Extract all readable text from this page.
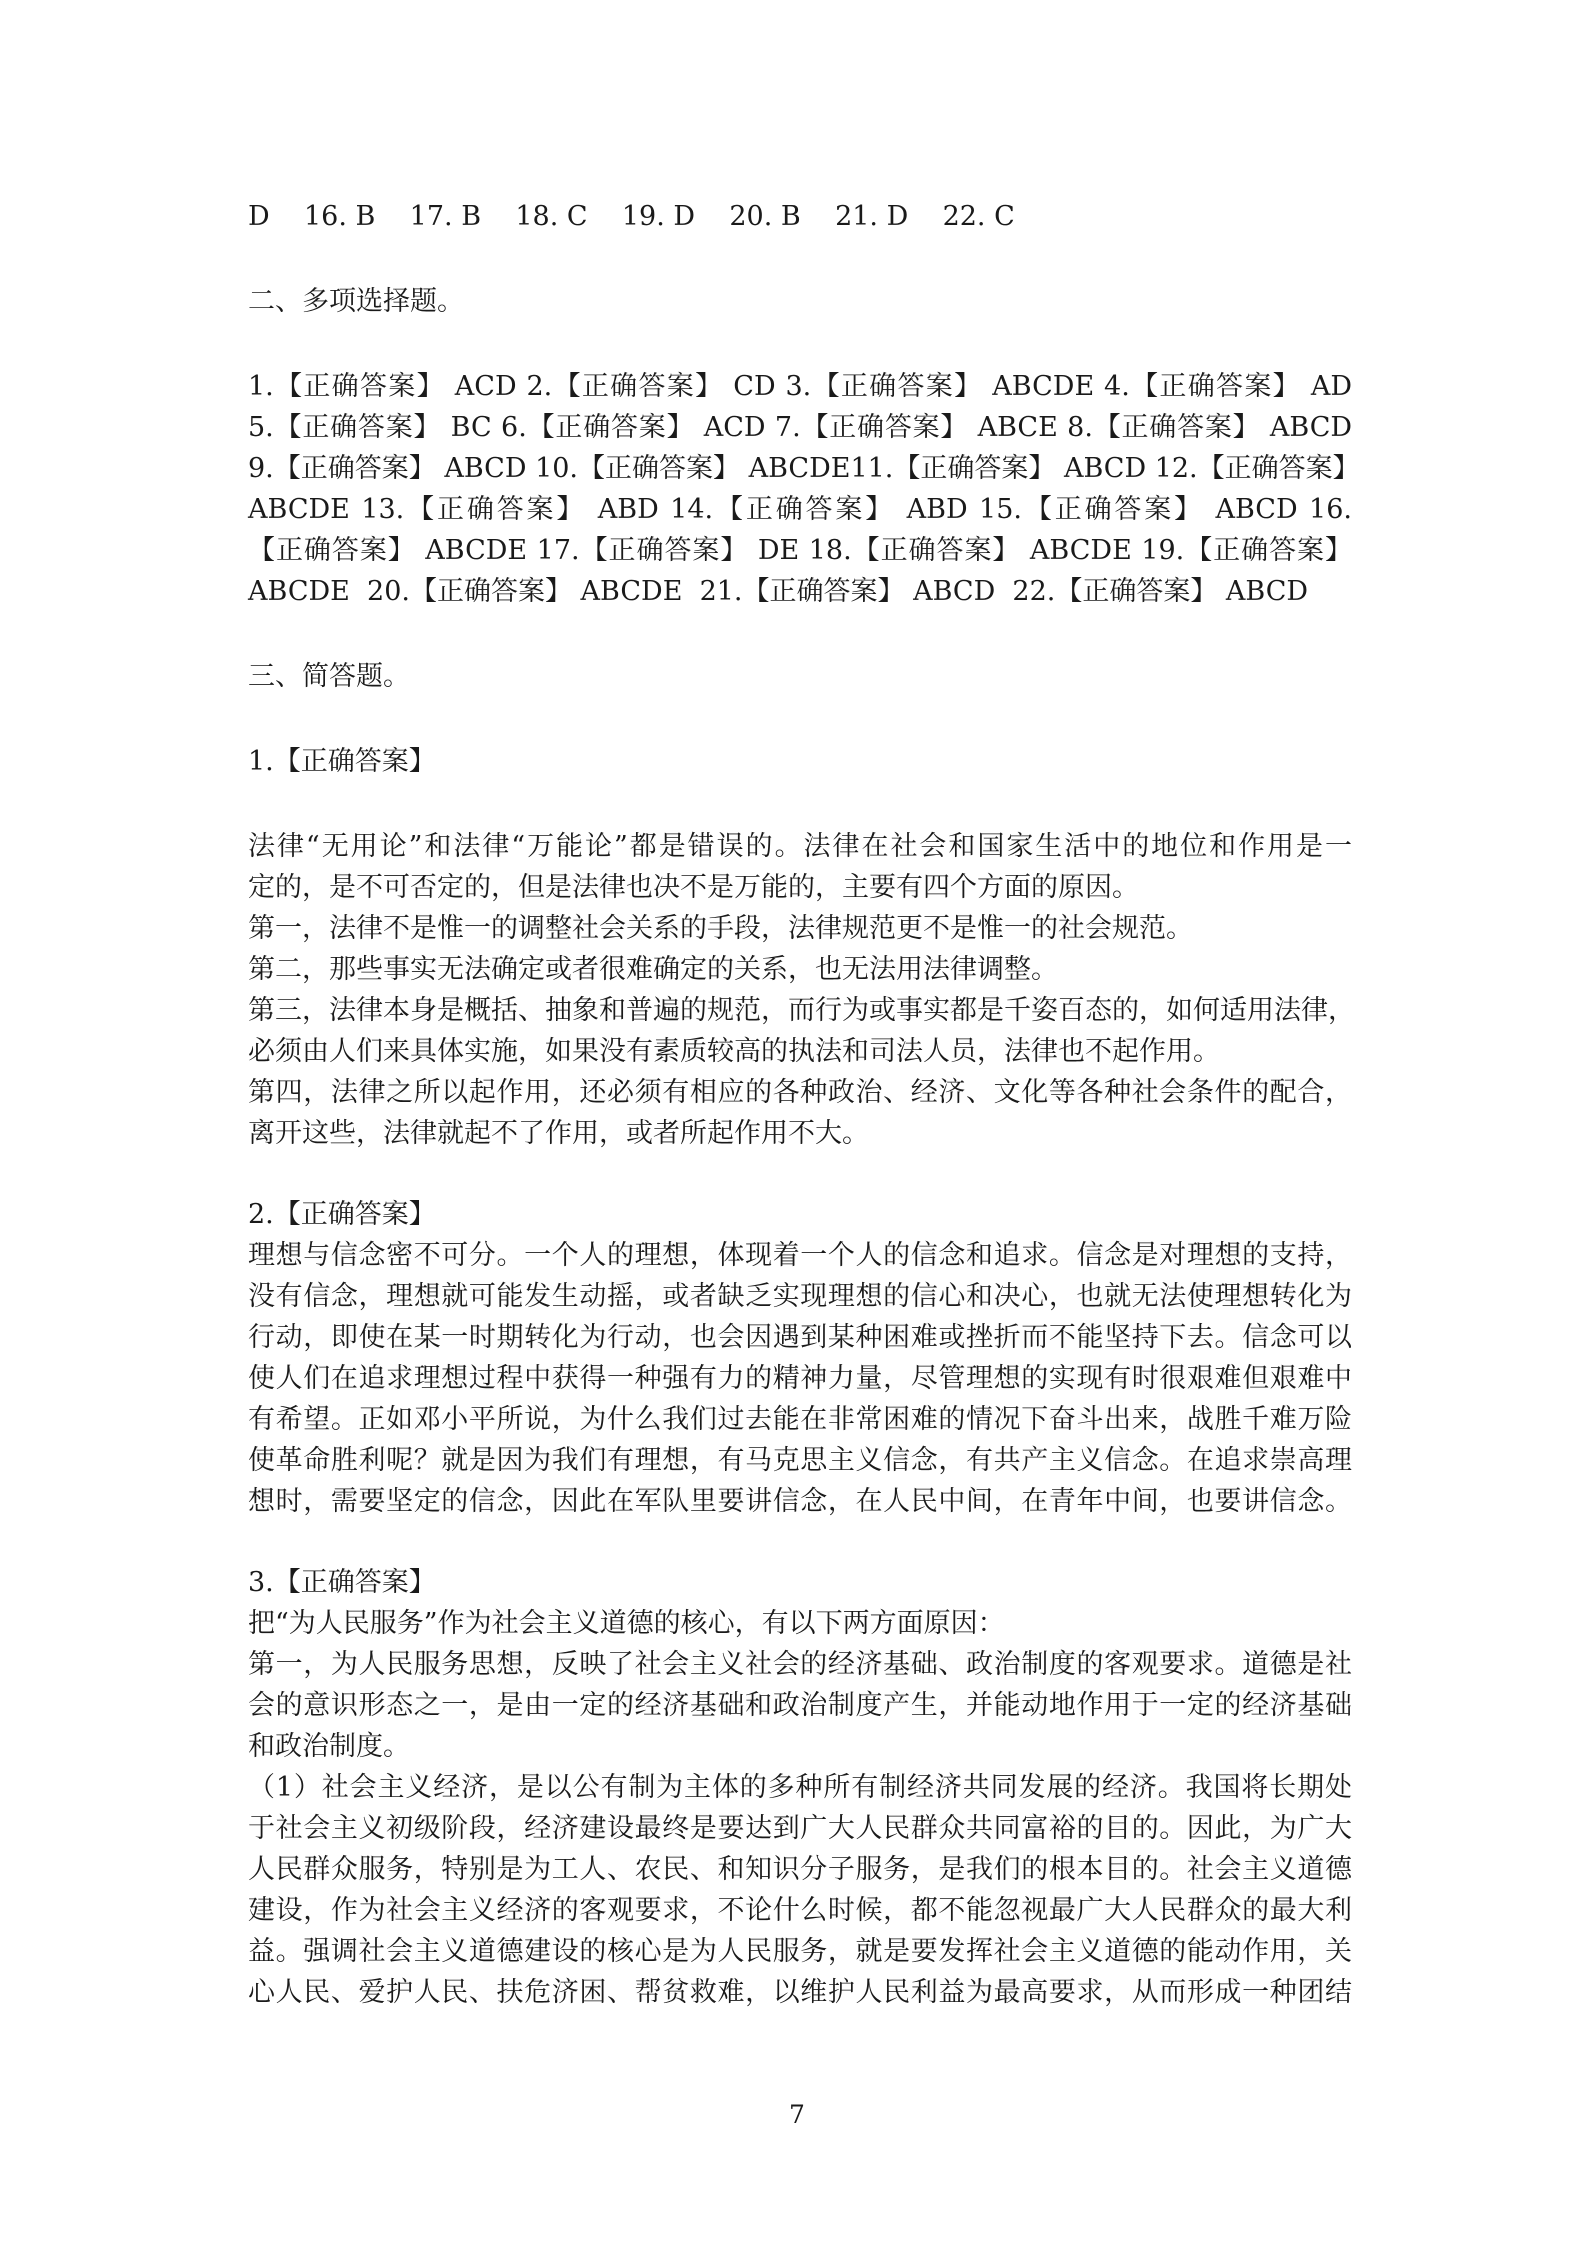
D    16. B    17. B    18. C    19. D    20. B    21. D    22. C
二、多项选择题。
1.【正确答案】 ACD 2.【正确答案】 CD 3.【正确答案】 ABCDE 4.【正确答案】 AD
5.【正确答案】 BC 6.【正确答案】 ACD 7.【正确答案】 ABCE 8.【正确答案】 ABCD
9.【正确答案】 ABCD 10.【正确答案】 ABCDE11.【正确答案】 ABCD 12.【正确答案】
ABCDE 13.【正确答案】 ABD 14.【正确答案】 ABD 15.【正确答案】 ABCD 16.
【正确答案】 ABCDE 17.【正确答案】 DE 18.【正确答案】 ABCDE 19.【正确答案】
ABCDE  20.【正确答案】 ABCDE  21.【正确答案】 ABCD  22.【正确答案】 ABCD
三、简答题。
1.【正确答案】
法律“无用论”和法律“万能论”都是错误的。法律在社会和国家生活中的地位和作用是一
定的，是不可否定的，但是法律也决不是万能的，主要有四个方面的原因。
第一，法律不是惟一的调整社会关系的手段，法律规范更不是惟一的社会规范。
第二，那些事实无法确定或者很难确定的关系，也无法用法律调整。
第三，法律本身是概括、抽象和普遍的规范，而行为或事实都是千姿百态的，如何适用法律，
必须由人们来具体实施，如果没有素质较高的执法和司法人员，法律也不起作用。
第四，法律之所以起作用，还必须有相应的各种政治、经济、文化等各种社会条件的配合，
离开这些，法律就起不了作用，或者所起作用不大。
2.【正确答案】
理想与信念密不可分。一个人的理想，体现着一个人的信念和追求。信念是对理想的支持，
没有信念，理想就可能发生动摇，或者缺乏实现理想的信心和决心，也就无法使理想转化为
行动，即使在某一时期转化为行动，也会因遇到某种困难或挫折而不能坚持下去。信念可以
使人们在追求理想过程中获得一种强有力的精神力量，尽管理想的实现有时很艰难但艰难中
有希望。正如邓小平所说，为什么我们过去能在非常困难的情况下奋斗出来，战胜千难万险
使革命胜利呢？就是因为我们有理想，有马克思主义信念，有共产主义信念。在追求崇高理
想时，需要坚定的信念，因此在军队里要讲信念，在人民中间，在青年中间，也要讲信念。
3.【正确答案】
把“为人民服务”作为社会主义道德的核心，有以下两方面原因：
第一，为人民服务思想，反映了社会主义社会的经济基础、政治制度的客观要求。道德是社
会的意识形态之一，是由一定的经济基础和政治制度产生，并能动地作用于一定的经济基础
和政治制度。
（1）社会主义经济，是以公有制为主体的多种所有制经济共同发展的经济。我国将长期处
于社会主义初级阶段，经济建设最终是要达到广大人民群众共同富裕的目的。因此，为广大
人民群众服务，特别是为工人、农民、和知识分子服务，是我们的根本目的。社会主义道德
建设，作为社会主义经济的客观要求，不论什么时候，都不能忽视最广大人民群众的最大利
益。强调社会主义道德建设的核心是为人民服务，就是要发挥社会主义道德的能动作用，关
心人民、爱护人民、扶危济困、帮贫救难，以维护人民利益为最高要求，从而形成一种团结
7
